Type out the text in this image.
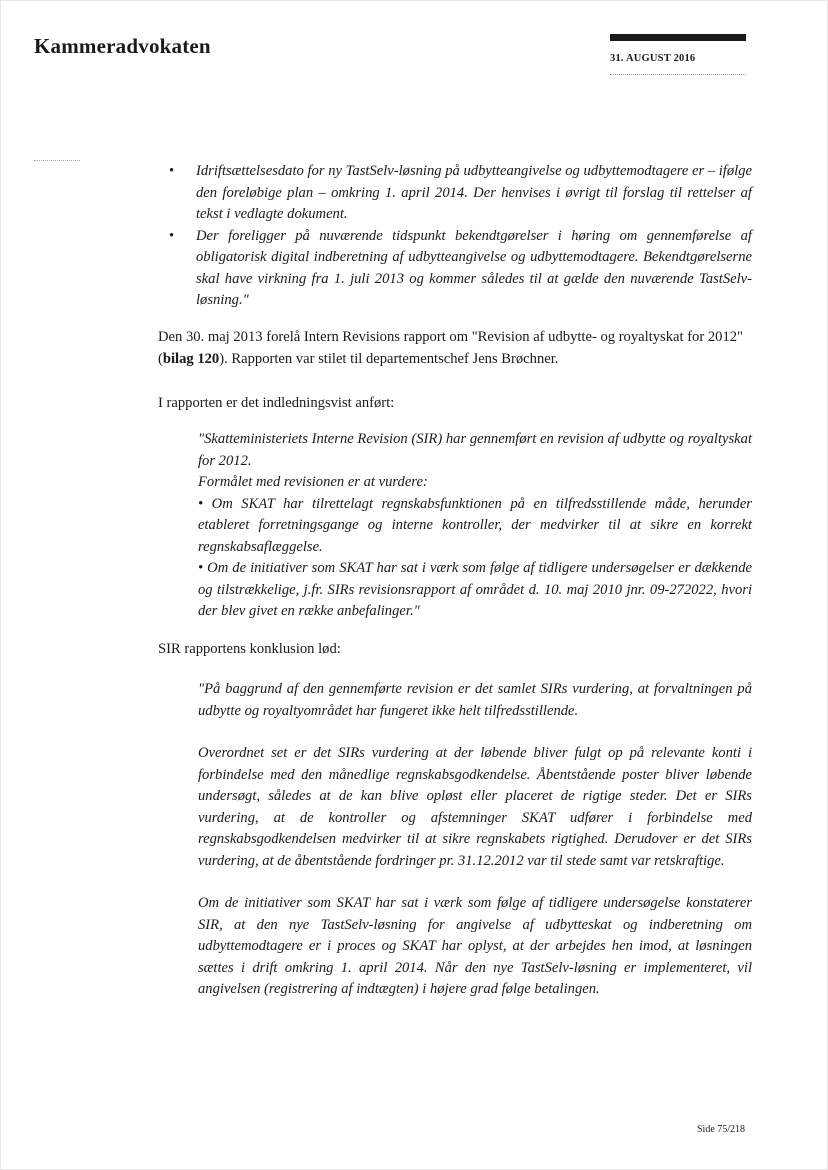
Kammeradvokaten
31. AUGUST 2016
• Idriftsættelsesdato for ny TastSelv-løsning på udbytteangivelse og udbyttemodtagere er – ifølge den foreløbige plan – omkring 1. april 2014. Der henvises i øvrigt til forslag til rettelser af tekst i vedlagte dokument.
• Der foreligger på nuværende tidspunkt bekendtgørelser i høring om gennemførelse af obligatorisk digital indberetning af udbytteangivelse og udbyttemodtagere. Bekendtgørelserne skal have virkning fra 1. juli 2013 og kommer således til at gælde den nuværende TastSelv-løsning."

Den 30. maj 2013 forelå Intern Revisions rapport om "Revision af udbytte- og royaltyskat for 2012" (bilag 120). Rapporten var stilet til departementschef Jens Brøchner.

I rapporten er det indledningsvist anført:

"Skatteministeriets Interne Revision (SIR) har gennemført en revision af udbytte og royaltyskat for 2012.

Formålet med revisionen er at vurdere:

• Om SKAT har tilrettelagt regnskabsfunktionen på en tilfredsstillende måde, herunder etableret forretningsgange og interne kontroller, der medvirker til at sikre en korrekt regnskabsaflæggelse.

• Om de initiativer som SKAT har sat i værk som følge af tidligere undersøgelser er dækkende og tilstrækkelige, j.fr. SIRs revisionsrapport af området d. 10. maj 2010 jnr. 09-272022, hvori der blev givet en række anbefalinger."

SIR rapportens konklusion lød:

"På baggrund af den gennemførte revision er det samlet SIRs vurdering, at forvaltningen på udbytte og royaltyområdet har fungeret ikke helt tilfredsstillende.

Overordnet set er det SIRs vurdering at der løbende bliver fulgt op på relevante konti i forbindelse med den månedlige regnskabsgodkendelse. Åbentstående poster bliver løbende undersøgt, således at de kan blive opløst eller placeret de rigtige steder. Det er SIRs vurdering, at de kontroller og afstemninger SKAT udfører i forbindelse med regnskabsgodkendelsen medvirker til at sikre regnskabets rigtighed. Derudover er det SIRs vurdering, at de åbentstående fordringer pr. 31.12.2012 var til stede samt var retskraftige.

Om de initiativer som SKAT har sat i værk som følge af tidligere undersøgelse konstaterer SIR, at den nye TastSelv-løsning for angivelse af udbytteskat og indberetning om udbyttemodtagere er i proces og SKAT har oplyst, at der arbejdes hen imod, at løsningen sættes i drift omkring 1. april 2014. Når den nye TastSelv-løsning er implementeret, vil angivelsen (registrering af indtægten) i højere grad følge betalingen.

Side 75/218
